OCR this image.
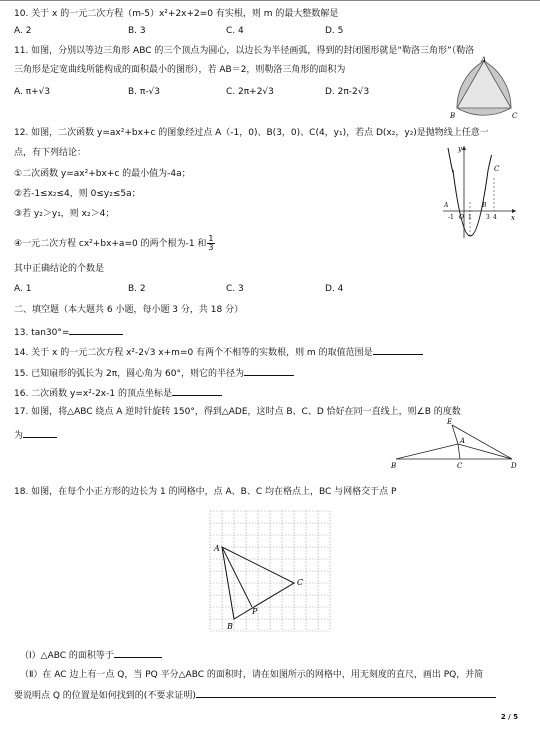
10. 关于 x 的一元二次方程（m-5）x²+2x+2=0 有实根，则 m 的最大整数解是
A. 2	B. 3	C. 4	D. 5
11. 如图，分别以等边三角形 ABC 的三个顶点为圆心，以边长为半径画弧，得到的封闭图形就是“勒洛三角形”（勒洛
三角形是定宽曲线所能构成的面积最小的图形），若 AB＝2，则勒洛三角形的面积为
A. π+√3	B. π-√3	C. 2π+2√3	D. 2π-2√3
A
B	C
12. 如图，二次函数 y=ax²+bx+c 的图象经过点 A（-1，0)、B(3，0)、C(4，y₁)，若点 D(x₂，y₂)是抛物线上任意一
点，有下列结论：
①二次函数 y=ax²+bx+c 的最小值为-4a；
②若-1≤x₂≤4，则 0≤y₂≤5a；
③若 y₂＞y₁，则 x₂＞4；
④一元二次方程 cx²+bx+a=0 的两个根为-1 和 $\frac{1}{3}$
其中正确结论的个数是
A. 1	B. 2	C. 3	D. 4
y
x
C
A	B
O
-1 1 3 4
二、填空题（本大题共 6 小题，每小题 3 分，共 18 分）
13. tan30°=
14. 关于 x 的一元二次方程 x²-2√3 x+m=0 有两个不相等的实数根，则 m 的取值范围是
15. 已知扇形的弧长为 2π，圆心角为 60°，则它的半径为
16. 二次函数 y=x²-2x-1 的顶点坐标是
17. 如图，将△ABC 绕点 A 逆时针旋转 150°，得到△ADE，这时点 B、C、D 恰好在同一直线上，则∠B 的度数
为
E
A
B	C	D
18. 如图，在每个小正方形的边长为 1 的网格中，点 A、B、C 均在格点上，BC 与网格交于点 P
A
B
C
P
（Ⅰ）△ABC 的面积等于
（Ⅱ）在 AC 边上有一点 Q，当 PQ 平分△ABC 的面积时，请在如图所示的网格中，用无刻度的直尺，画出 PQ，并简
要说明点 Q 的位置是如何找到的(不要求证明)
2 / 5
